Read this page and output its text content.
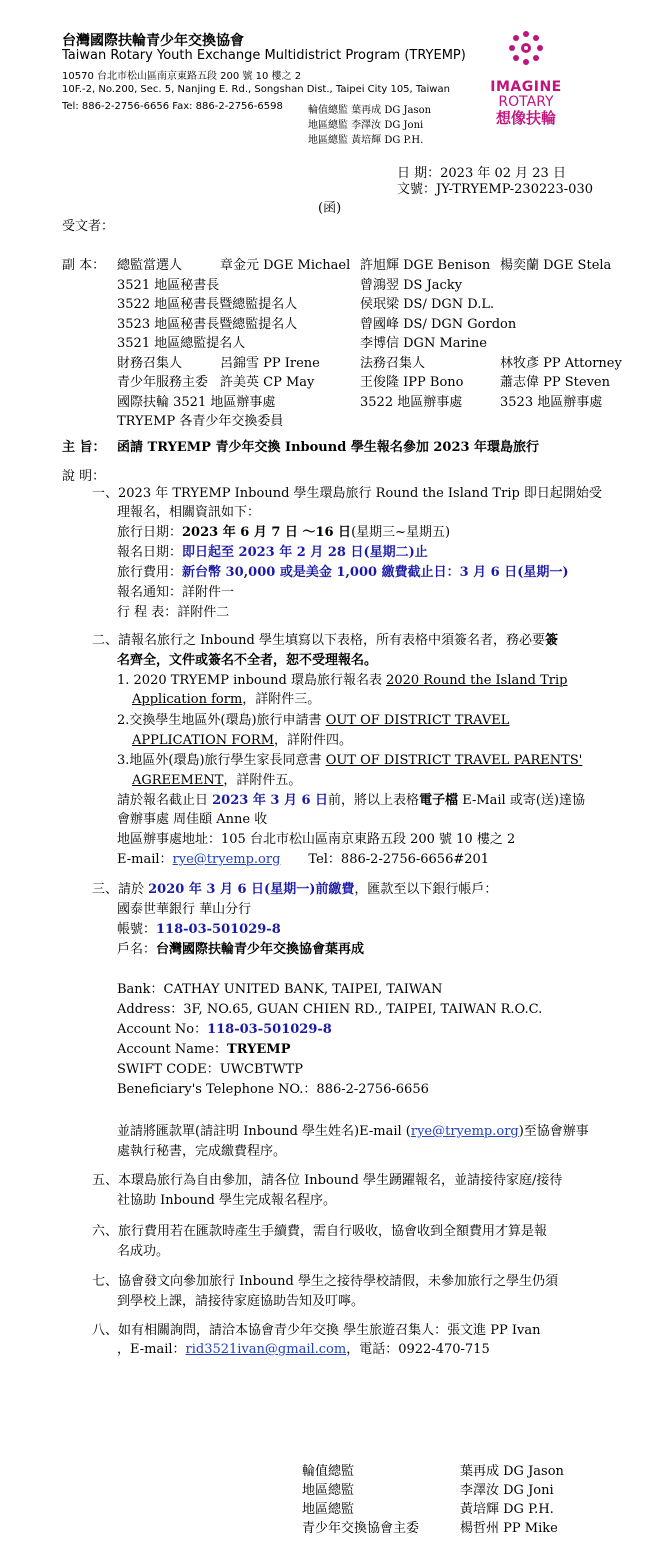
台灣國際扶輪青少年交換協會
Taiwan Rotary Youth Exchange Multidistrict Program (TRYEMP)
10570 台北市松山區南京東路五段 200 號 10 樓之 2
10F.-2, No.200, Sec. 5, Nanjing E. Rd., Songshan Dist., Taipei City 105, Taiwan
Tel: 886-2-2756-6656 Fax: 886-2-2756-6598	輪值總監 葉再成 DG Jason
地區總監 李澤汝 DG Joni
地區總監 黃培輝 DG P.H.
IMAGINE
ROTARY
想像扶輪
日 期：2023 年 02 月 23 日
文號：JY-TRYEMP-230223-030
(函)
受文者：
副 本： 總監當選人	章金元 DGE Michael 許旭輝 DGE Benison 楊奕蘭 DGE Stela
3521 地區秘書長	曾鴻翌 DS Jacky
3522 地區秘書長暨總監提名人	侯珉梁 DS/ DGN D.L.
3523 地區秘書長暨總監提名人	曾國峰 DS/ DGN Gordon
3521 地區總監提名人	李博信 DGN Marine
財務召集人	呂錦雪 PP Irene	法務召集人	林牧彥 PP Attorney
青少年服務主委 許美英 CP May	王俊隆 IPP Bono	蕭志偉 PP Steven
國際扶輪 3521 地區辦事處	3522 地區辦事處	3523 地區辦事處
TRYEMP 各青少年交換委員
主 旨： 函請 TRYEMP 青少年交換 Inbound 學生報名參加 2023 年環島旅行
說 明：
一、2023 年 TRYEMP Inbound 學生環島旅行 Round the Island Trip 即日起開始受
理報名，相關資訊如下：
旅行日期：2023 年 6 月 7 日 ～16 日(星期三~星期五)
報名日期：即日起至 2023 年 2 月 28 日(星期二)止
旅行費用：新台幣 30,000 或是美金 1,000 繳費截止日：3 月 6 日(星期一)
報名通知：詳附件一
行 程 表：詳附件二
二、請報名旅行之 Inbound 學生填寫以下表格，所有表格中須簽名者，務必要簽
名齊全，文件或簽名不全者，恕不受理報名。
1. 2020 TRYEMP inbound 環島旅行報名表 2020 Round the Island Trip
Application form，詳附件三。
2.交換學生地區外(環島)旅行申請書 OUT OF DISTRICT TRAVEL
APPLICATION FORM，詳附件四。
3.地區外(環島)旅行學生家長同意書 OUT OF DISTRICT TRAVEL PARENTS'
AGREEMENT，詳附件五。
請於報名截止日 2023 年 3 月 6 日前，將以上表格電子檔 E-Mail 或寄(送)達協
會辦事處 周佳頤 Anne 收
地區辦事處地址：105 台北市松山區南京東路五段 200 號 10 樓之 2
E-mail：rye@tryemp.org Tel：886-2-2756-6656#201
三、請於 2020 年 3 月 6 日(星期一)前繳費，匯款至以下銀行帳戶：
國泰世華銀行 華山分行
帳號：118-03-501029-8
戶名：台灣國際扶輪青少年交換協會葉再成
Bank：CATHAY UNITED BANK, TAIPEI, TAIWAN
Address：3F, NO.65, GUAN CHIEN RD., TAIPEI, TAIWAN R.O.C.
Account No：118-03-501029-8
Account Name：TRYEMP
SWIFT CODE：UWCBTWTP
Beneficiary's Telephone NO.：886-2-2756-6656
並請將匯款單(請註明 Inbound 學生姓名)E-mail (rye@tryemp.org)至協會辦事
處執行秘書，完成繳費程序。
五、本環島旅行為自由參加，請各位 Inbound 學生踴躍報名，並請接待家庭/接待
社協助 Inbound 學生完成報名程序。
六、旅行費用若在匯款時產生手續費，需自行吸收，協會收到全額費用才算是報
名成功。
七、協會發文向參加旅行 Inbound 學生之接待學校請假，未參加旅行之學生仍須
到學校上課，請接待家庭協助告知及叮嚀。
八、如有相關詢問，請洽本協會青少年交換 學生旅遊召集人：張文進 PP Ivan
，E-mail：rid3521ivan@gmail.com，電話：0922-470-715
輪值總監	葉再成 DG Jason
地區總監	李澤汝 DG Joni
地區總監	黃培輝 DG P.H.
青少年交換協會主委	楊哲州 PP Mike
